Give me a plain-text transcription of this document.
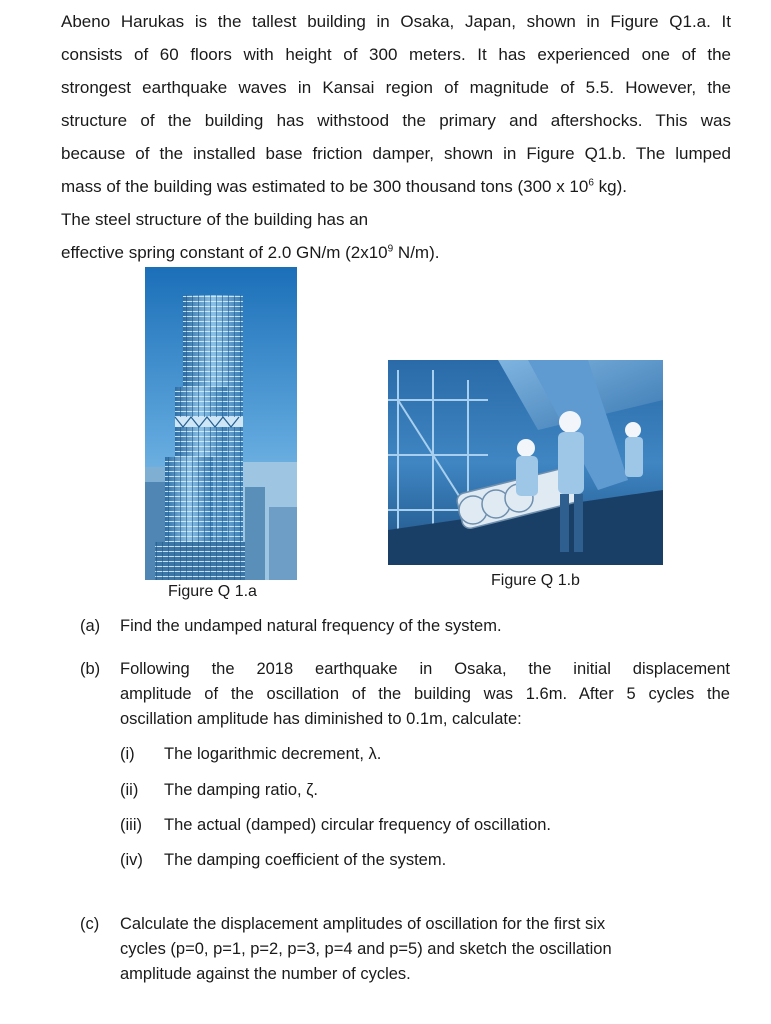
Abeno Harukas is the tallest building in Osaka, Japan, shown in Figure Q1.a. It
consists of 60 floors with height of 300 meters. It has experienced one of the
strongest earthquake waves in Kansai region of magnitude of 5.5. However, the
structure of the building has withstood the primary and aftershocks. This was
because of the installed base friction damper, shown in Figure Q1.b. The lumped
mass of the building was estimated to be 300 thousand tons (300 x $10^6$ kg).
The steel structure of the building has an
effective spring constant of 2.0 GN/m ($2x10^9$ N/m).
Figure Q 1.a
Figure Q 1.b
(a) Find the undamped natural frequency of the system.
(b) Following the 2018 earthquake in Osaka, the initial displacement
amplitude of the oscillation of the building was 1.6m. After 5 cycles the
oscillation amplitude has diminished to 0.1m, calculate:
(i) The logarithmic decrement, λ.
(ii) The damping ratio, ζ.
(iii) The actual (damped) circular frequency of oscillation.
(iv) The damping coefficient of the system.
(c) Calculate the displacement amplitudes of oscillation for the first six
cycles (p=0, p=1, p=2, p=3, p=4 and p=5) and sketch the oscillation
amplitude against the number of cycles.
